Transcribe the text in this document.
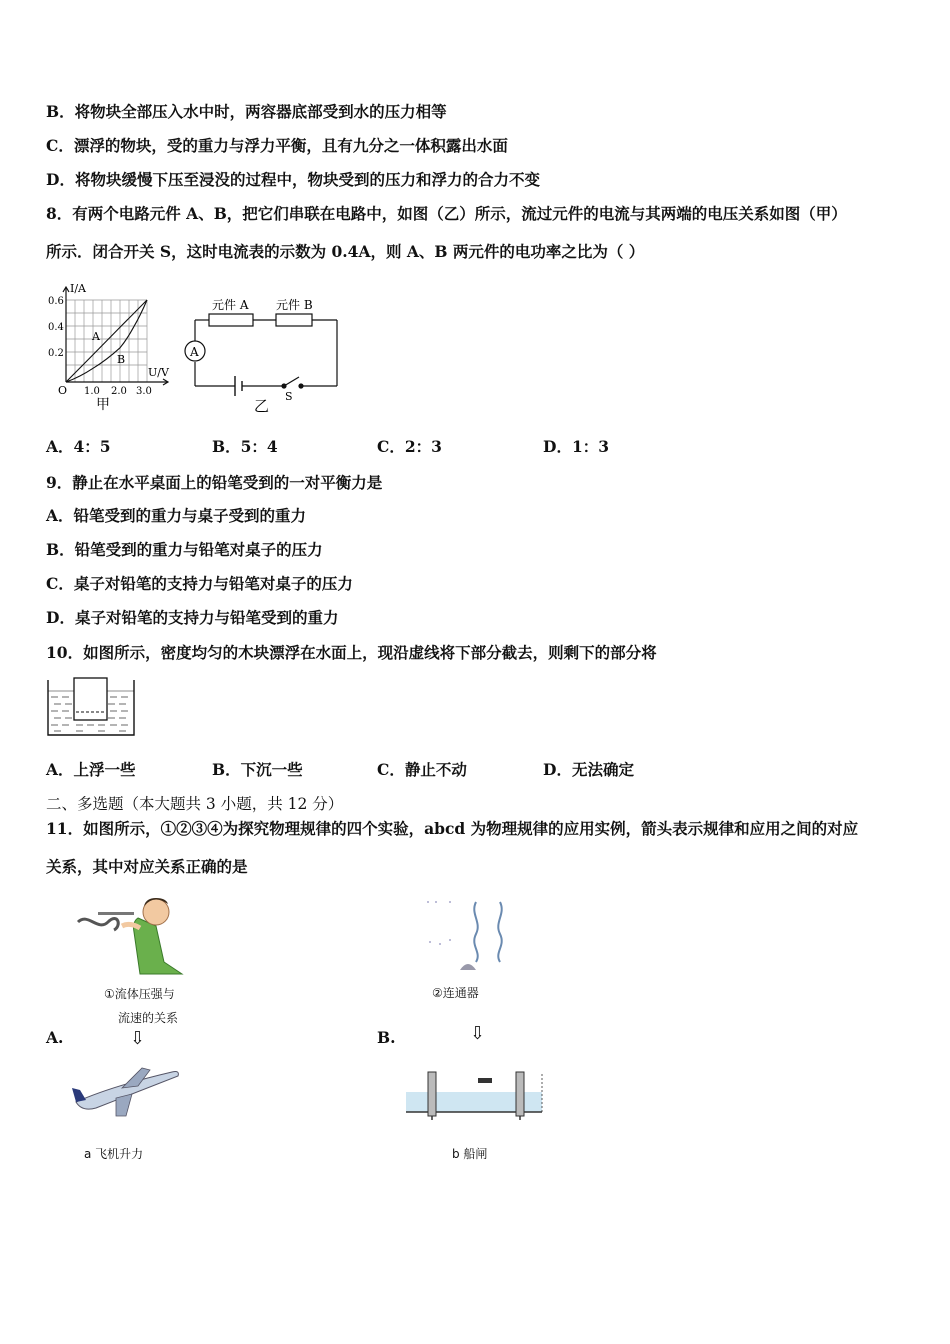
B．将物块全部压入水中时，两容器底部受到水的压力相等
C．漂浮的物块，受的重力与浮力平衡，且有九分之一体积露出水面
D．将物块缓慢下压至浸没的过程中，物块受到的压力和浮力的合力不变
8．有两个电路元件 A、B，把它们串联在电路中，如图（乙）所示，流过元件的电流与其两端的电压关系如图（甲）
所示．闭合开关 S，这时电流表的示数为 0.4A，则 A、B 两元件的电功率之比为（ ）
I/A
U/V
0.6
0.4
0.2
O 1.0 2.0 3.0
A
B
甲
元件 A 元件 B
A
S
乙
A．4：5	B．5：4	C．2：3	D．1：3
9．静止在水平桌面上的铅笔受到的一对平衡力是
A．铅笔受到的重力与桌子受到的重力
B．铅笔受到的重力与铅笔对桌子的压力
C．桌子对铅笔的支持力与铅笔对桌子的压力
D．桌子对铅笔的支持力与铅笔受到的重力
10．如图所示，密度均匀的木块漂浮在水面上，现沿虚线将下部分截去，则剩下的部分将
A．上浮一些	B．下沉一些	C．静止不动	D．无法确定
二、多选题（本大题共 3 小题，共 12 分）
11．如图所示，①②③④为探究物理规律的四个实验，abcd 为物理规律的应用实例，箭头表示规律和应用之间的对应
关系，其中对应关系正确的是
①流体压强与
流速的关系
②连通器
A.	B.
⇩	⇩
a 飞机升力	b 船闸
